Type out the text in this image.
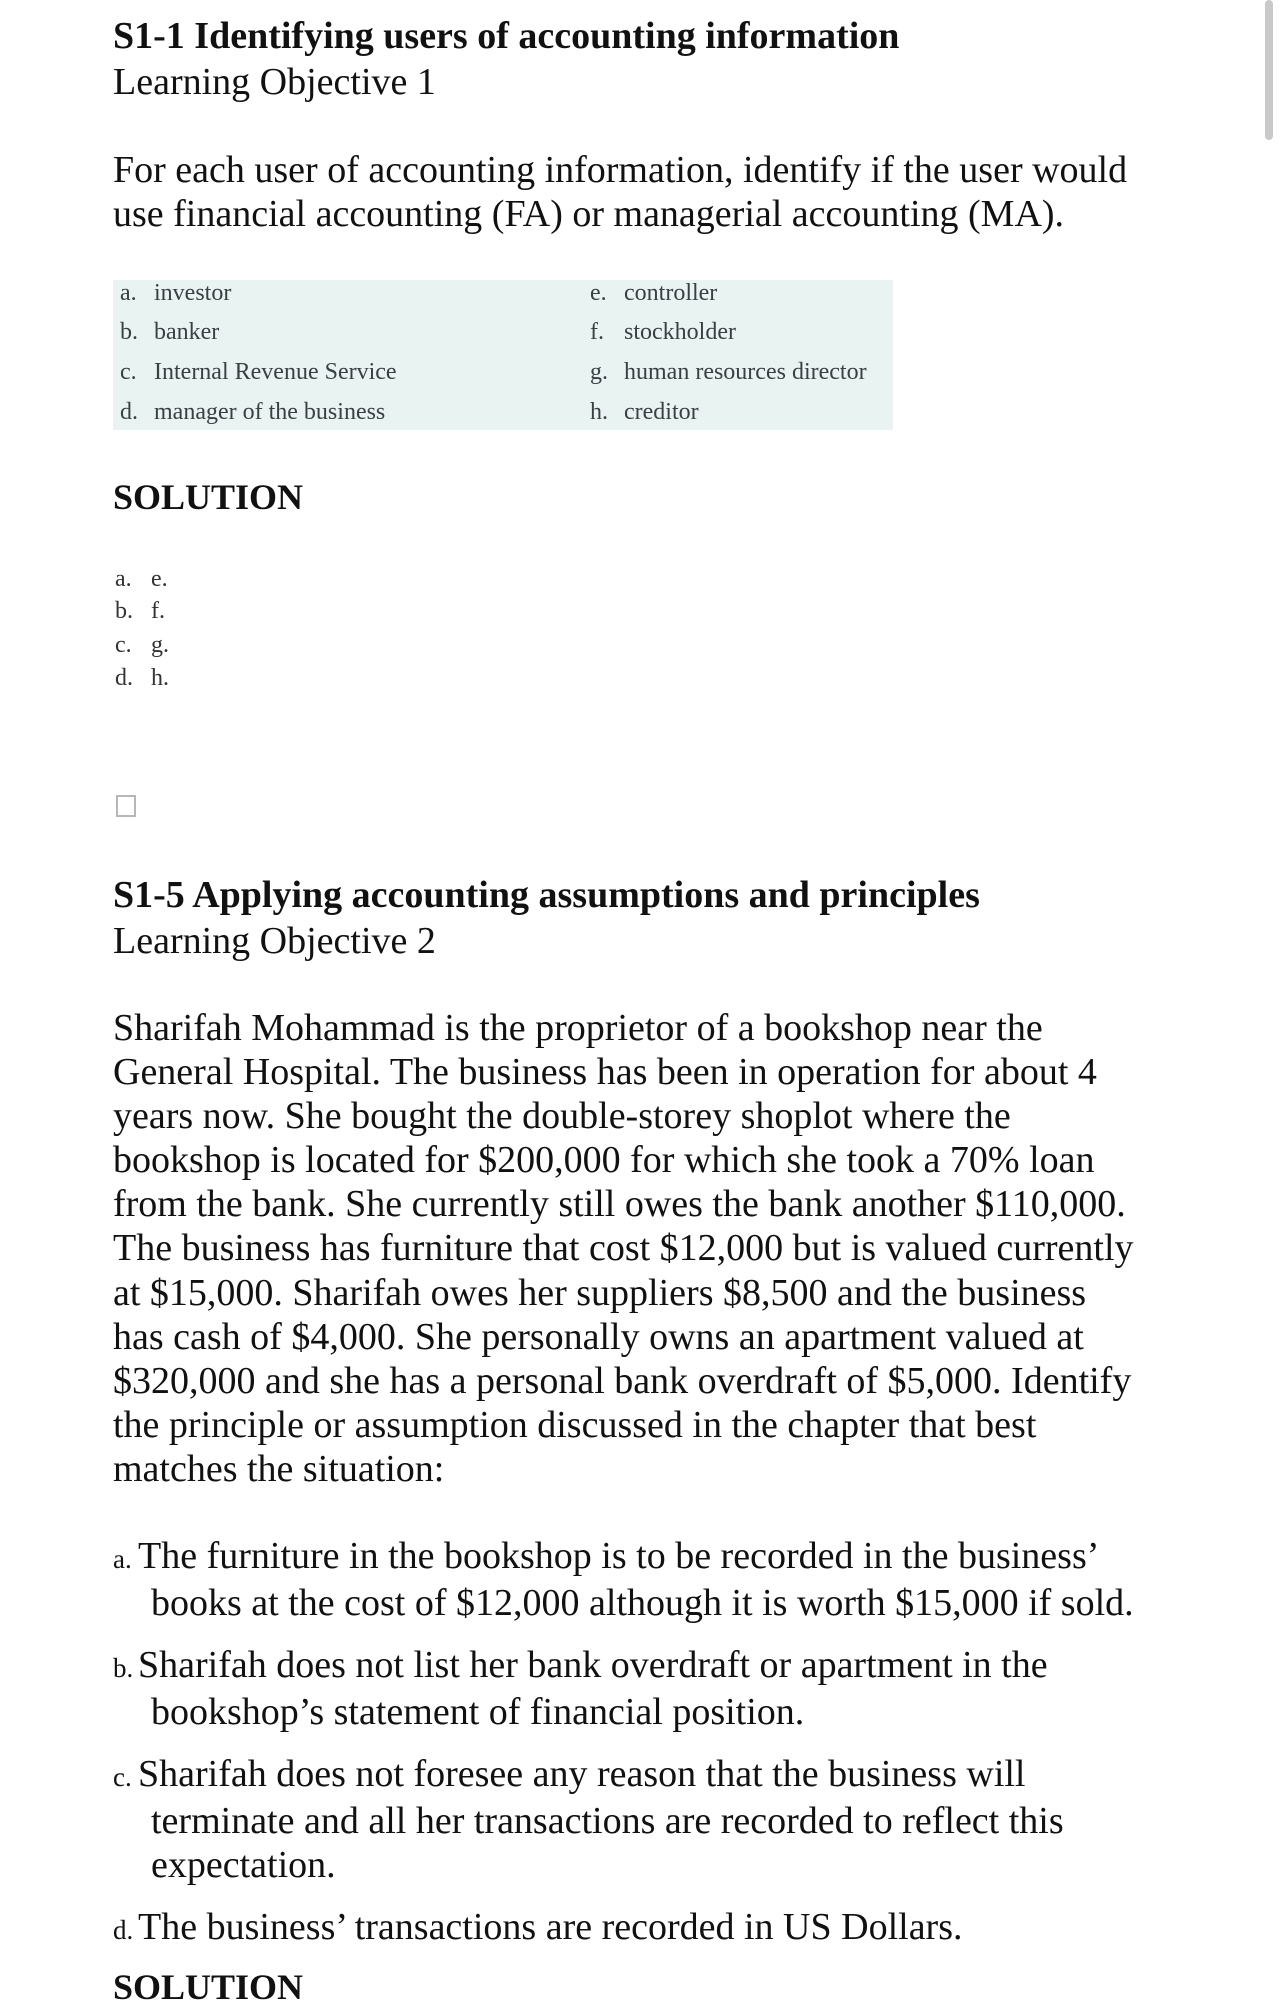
S1-1 Identifying users of accounting information
Learning Objective 1
For each user of accounting information, identify if the user would
use financial accounting (FA) or managerial accounting (MA).
a. investor
b. banker
c. Internal Revenue Service
d. manager of the business
e. controller
f. stockholder
g. human resources director
h. creditor
SOLUTION
a. e.
b. f.
c. g.
d. h.
S1-5 Applying accounting assumptions and principles
Learning Objective 2
Sharifah Mohammad is the proprietor of a bookshop near the
General Hospital. The business has been in operation for about 4
years now. She bought the double-storey shoplot where the
bookshop is located for $200,000 for which she took a 70% loan
from the bank. She currently still owes the bank another $110,000.
The business has furniture that cost $12,000 but is valued currently
at $15,000. Sharifah owes her suppliers $8,500 and the business
has cash of $4,000. She personally owns an apartment valued at
$320,000 and she has a personal bank overdraft of $5,000. Identify
the principle or assumption discussed in the chapter that best
matches the situation:
a. The furniture in the bookshop is to be recorded in the business’
books at the cost of $12,000 although it is worth $15,000 if sold.
b. Sharifah does not list her bank overdraft or apartment in the
bookshop’s statement of financial position.
c. Sharifah does not foresee any reason that the business will
terminate and all her transactions are recorded to reflect this
expectation.
d. The business’ transactions are recorded in US Dollars.
SOLUTION
